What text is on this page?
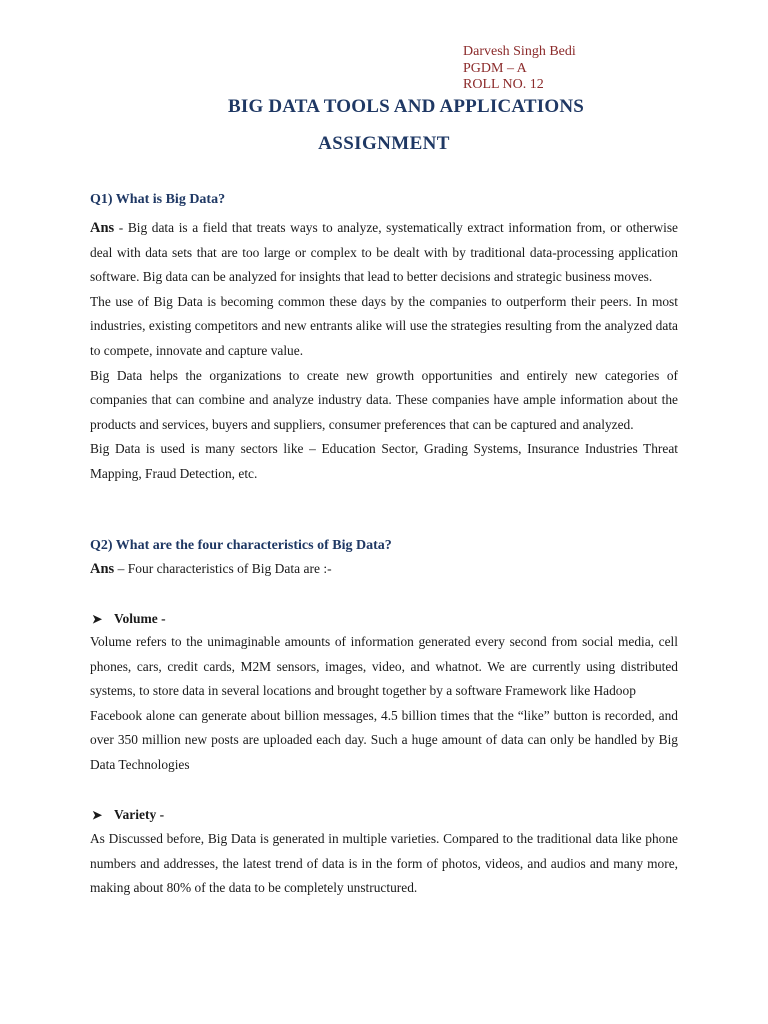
Darvesh Singh Bedi
PGDM – A
ROLL NO. 12
BIG DATA TOOLS AND APPLICATIONS
ASSIGNMENT
Q1) What is Big Data?

Ans - Big data is a field that treats ways to analyze, systematically extract information from, or otherwise deal with data sets that are too large or complex to be dealt with by traditional data-processing application software. Big data can be analyzed for insights that lead to better decisions and strategic business moves.

The use of Big Data is becoming common these days by the companies to outperform their peers. In most industries, existing competitors and new entrants alike will use the strategies resulting from the analyzed data to compete, innovate and capture value.

Big Data helps the organizations to create new growth opportunities and entirely new categories of companies that can combine and analyze industry data. These companies have ample information about the products and services, buyers and suppliers, consumer preferences that can be captured and analyzed.

Big Data is used is many sectors like – Education Sector, Grading Systems, Insurance Industries Threat Mapping, Fraud Detection, etc.

Q2) What are the four characteristics of Big Data?
Ans – Four characteristics of Big Data are :-
➤ Volume -

Volume refers to the unimaginable amounts of information generated every second from social media, cell phones, cars, credit cards, M2M sensors, images, video, and whatnot. We are currently using distributed systems, to store data in several locations and brought together by a software Framework like Hadoop

Facebook alone can generate about billion messages, 4.5 billion times that the “like” button is recorded, and over 350 million new posts are uploaded each day. Such a huge amount of data can only be handled by Big Data Technologies

➤ Variety -

As Discussed before, Big Data is generated in multiple varieties. Compared to the traditional data like phone numbers and addresses, the latest trend of data is in the form of photos, videos, and audios and many more, making about 80% of the data to be completely unstructured.
